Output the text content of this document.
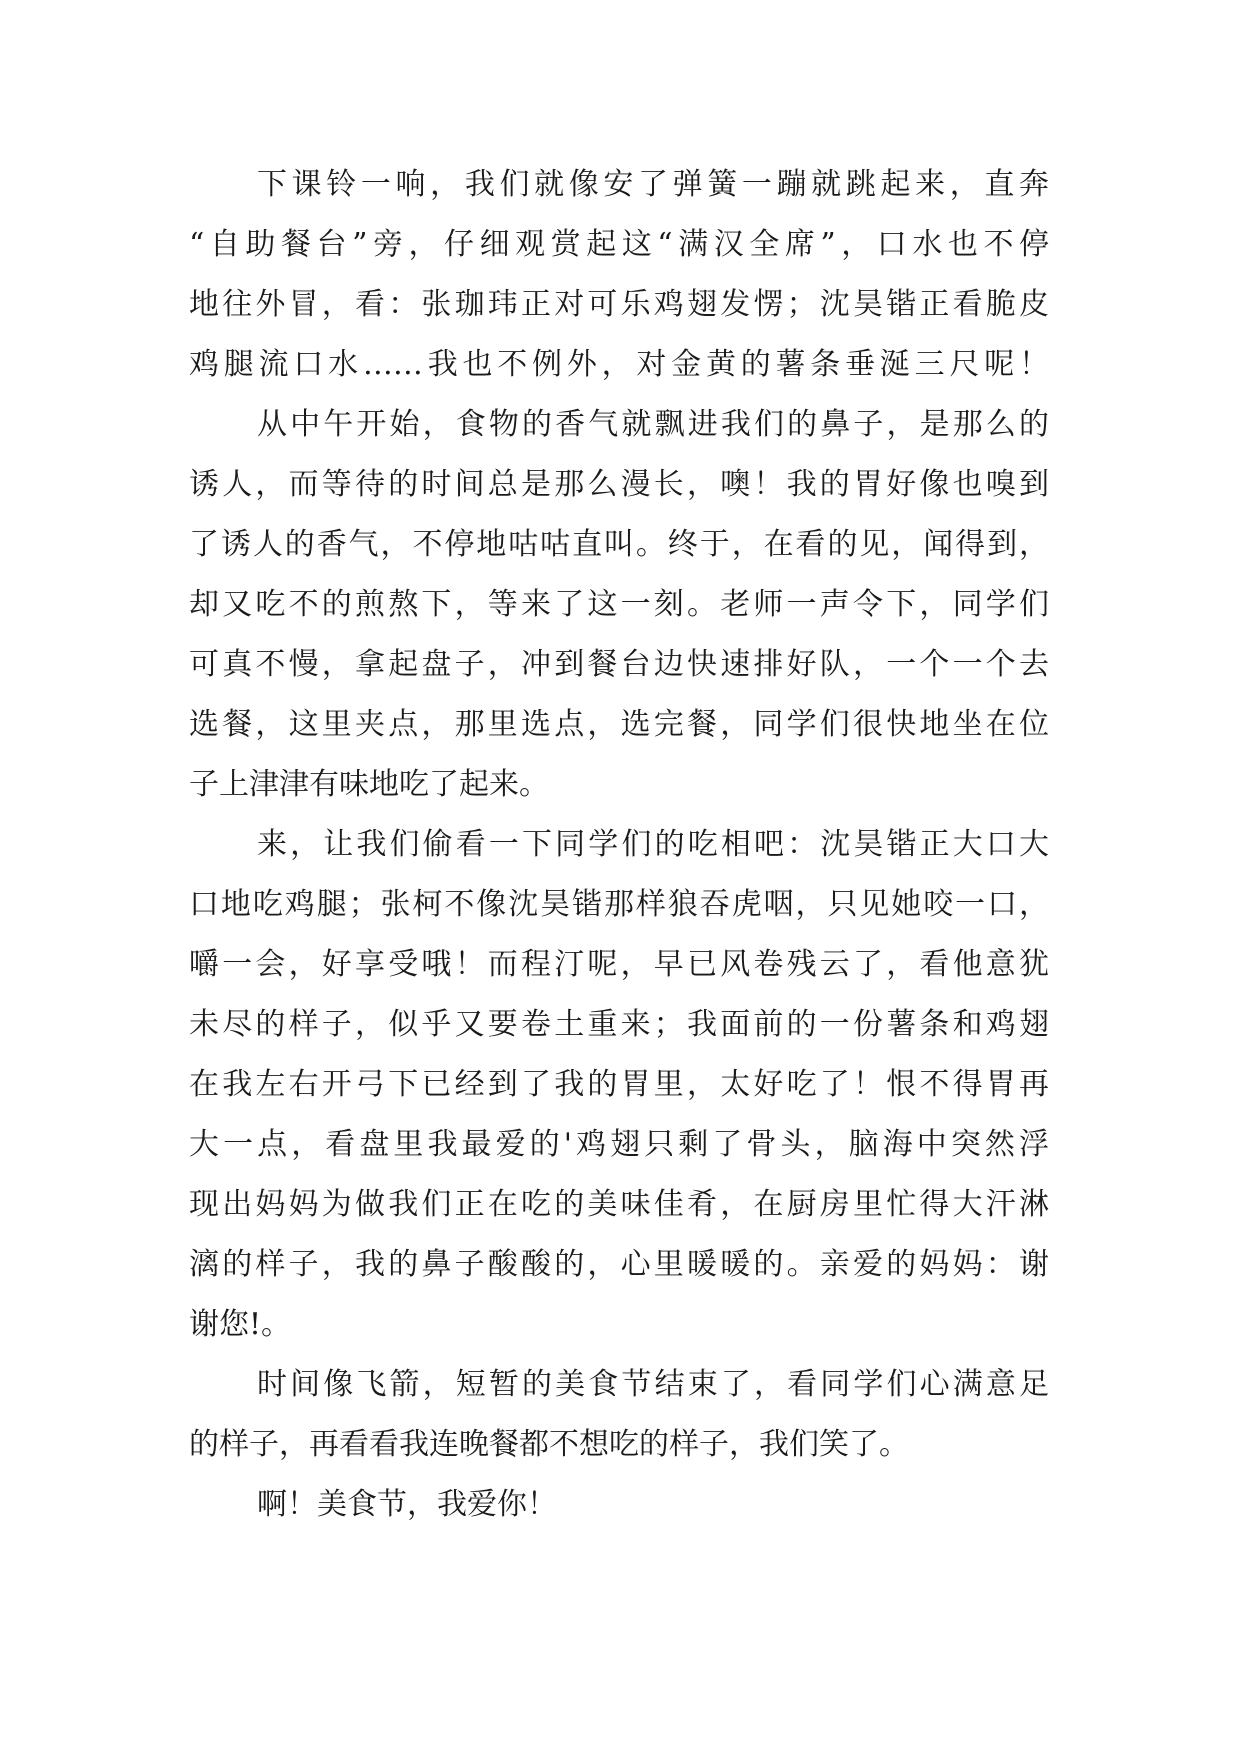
下课铃一响，我们就像安了弹簧一蹦就跳起来，直奔
“自助餐台”旁，仔细观赏起这“满汉全席”，口水也不停
地往外冒，看：张珈玮正对可乐鸡翅发愣；沈昊锴正看脆皮
鸡腿流口水……我也不例外，对金黄的薯条垂涎三尺呢！
从中午开始，食物的香气就飘进我们的鼻子，是那么的
诱人，而等待的时间总是那么漫长，噢！我的胃好像也嗅到
了诱人的香气，不停地咕咕直叫。终于，在看的见，闻得到，
却又吃不的煎熬下，等来了这一刻。老师一声令下，同学们
可真不慢，拿起盘子，冲到餐台边快速排好队，一个一个去
选餐，这里夹点，那里选点，选完餐，同学们很快地坐在位
子上津津有味地吃了起来。
来，让我们偷看一下同学们的吃相吧：沈昊锴正大口大
口地吃鸡腿；张柯不像沈昊锴那样狼吞虎咽，只见她咬一口，
嚼一会，好享受哦！而程汀呢，早已风卷残云了，看他意犹
未尽的样子，似乎又要卷土重来；我面前的一份薯条和鸡翅
在我左右开弓下已经到了我的胃里，太好吃了！恨不得胃再
大一点，看盘里我最爱的'鸡翅只剩了骨头，脑海中突然浮
现出妈妈为做我们正在吃的美味佳肴，在厨房里忙得大汗淋
漓的样子，我的鼻子酸酸的，心里暖暖的。亲爱的妈妈：谢
谢您!。
时间像飞箭，短暂的美食节结束了，看同学们心满意足
的样子，再看看我连晚餐都不想吃的样子，我们笑了。
啊！美食节，我爱你！
